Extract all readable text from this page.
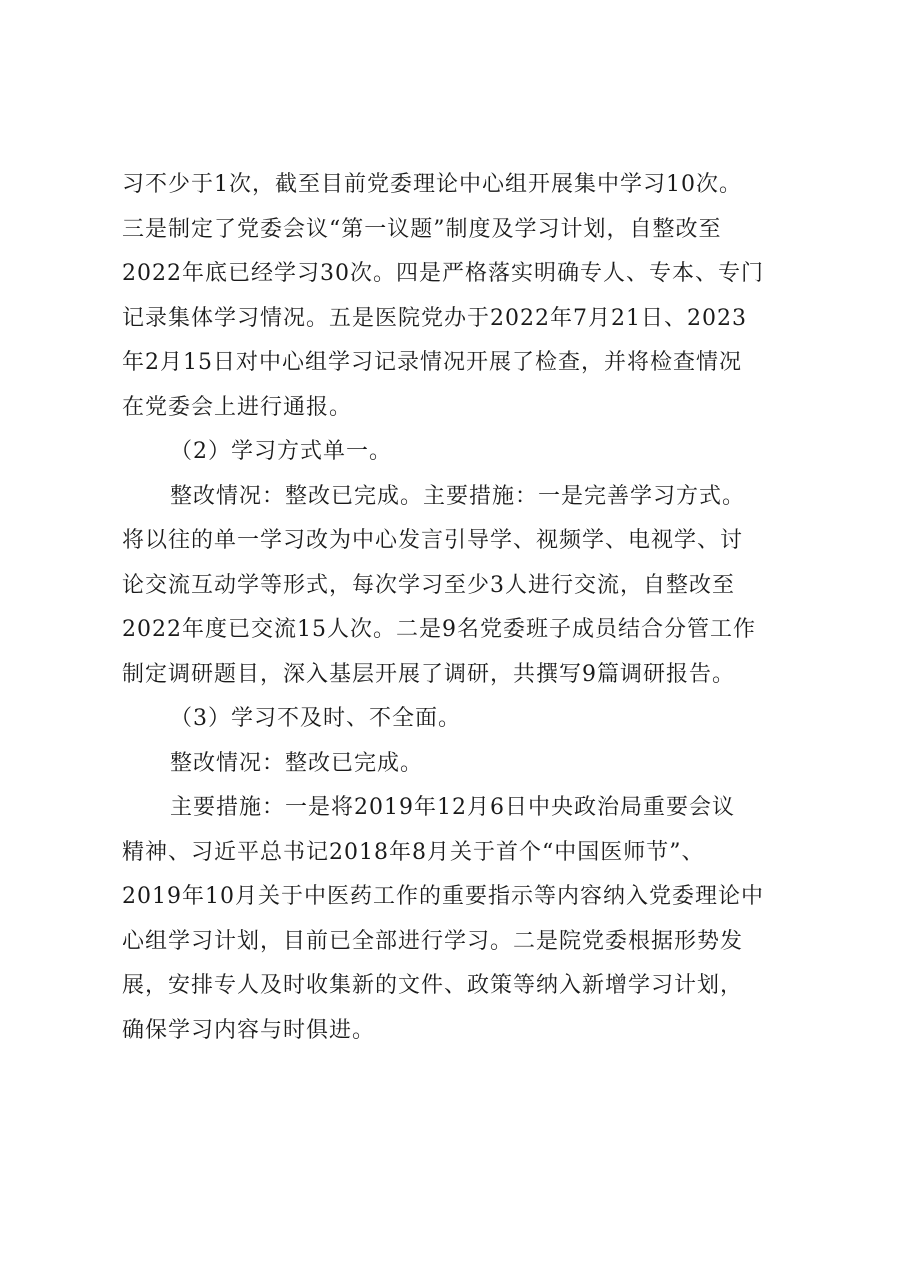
习不少于1次，截至目前党委理论中心组开展集中学习10次。
三是制定了党委会议“第一议题”制度及学习计划，自整改至
2022年底已经学习30次。四是严格落实明确专人、专本、专门
记录集体学习情况。五是医院党办于2022年7月21日、2023
年2月15日对中心组学习记录情况开展了检查，并将检查情况
在党委会上进行通报。
（2）学习方式单一。
整改情况：整改已完成。主要措施：一是完善学习方式。
将以往的单一学习改为中心发言引导学、视频学、电视学、讨
论交流互动学等形式，每次学习至少3人进行交流，自整改至
2022年度已交流15人次。二是9名党委班子成员结合分管工作
制定调研题目，深入基层开展了调研，共撰写9篇调研报告。
（3）学习不及时、不全面。
整改情况：整改已完成。
主要措施：一是将2019年12月6日中央政治局重要会议
精神、习近平总书记2018年8月关于首个“中国医师节”、
2019年10月关于中医药工作的重要指示等内容纳入党委理论中
心组学习计划，目前已全部进行学习。二是院党委根据形势发
展，安排专人及时收集新的文件、政策等纳入新增学习计划，
确保学习内容与时俱进。
